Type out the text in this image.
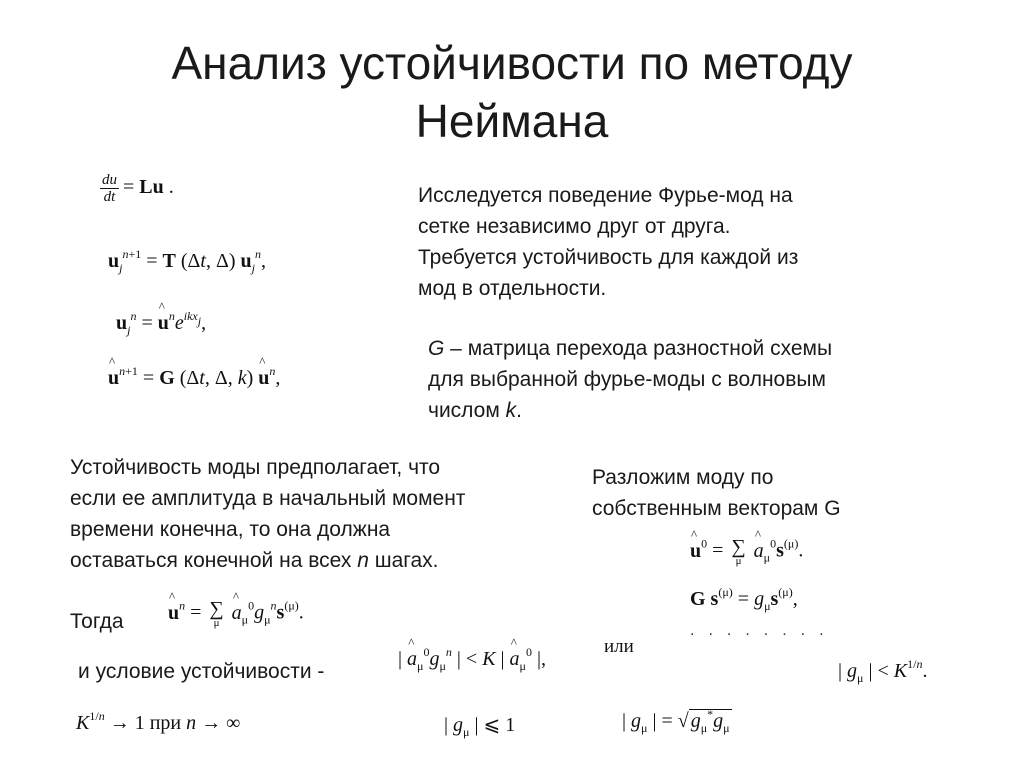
Анализ устойчивости по методу
Неймана
$\frac{du}{dt} = Lu$ .
$u_j^{n+1} = T$ (Δt, Δ) $u_j^n$,
$u_j^n$ = ^ $u^ne^{ikx_j}$,
^ $u^{n+1} = G$ (Δt, Δ, k) ^ $u^n$,
Исследуется поведение Фурье-мод на
сетке независимо друг от друга.
Требуется устойчивость для каждой из
мод в отдельности.
G – матрица перехода разностной схемы
для выбранной фурье-моды с волновым
числом k.
Устойчивость моды предполагает, что
если ее амплитуда в начальный момент
времени конечна, то она должна
оставаться конечной на всех n шагах.
Разложим моду по
собственным векторам G
^ $u^0$ = ∑
μ ^ $a_\mu^0s^{(\mu)}$.
G $s^{(\mu)} = g_\mu s^{(\mu)}$,
........
Тогда ^ $u^n$ = ∑
μ ^ $a_\mu^0g_\mu^ns^{(\mu)}$.
и условие устойчивости -
| ^ $a_\mu^0g_\mu^n$ | < K | ^ $a_\mu^0$ |,
или
| $g_\mu$ | < $K^{1/n}$.
$K^{1/n} \to 1$ при n → ∞	| $g_\mu$ | ⩽ 1	| $g_\mu$ | = √ $g_\mu^*g_\mu$
